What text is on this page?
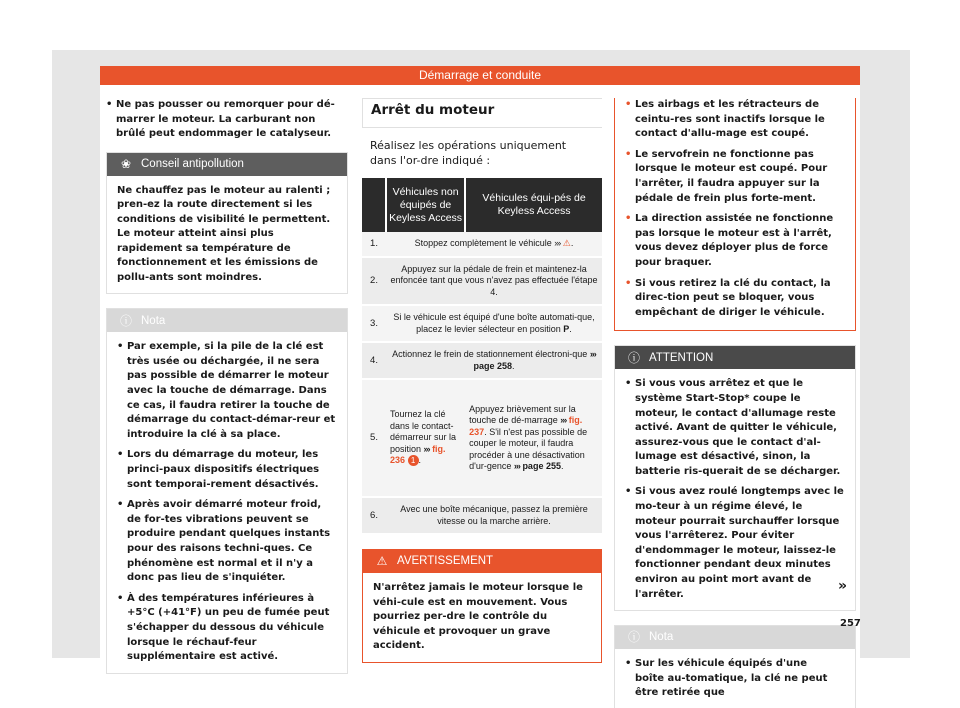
Démarrage et conduite
• Ne pas pousser ou remorquer pour dé-marrer le moteur. La carburant non brûlé peut endommager le catalyseur.
❀ Conseil antipollution
Ne chauffez pas le moteur au ralenti ; pren-ez la route directement si les conditions de visibilité le permettent. Le moteur atteint ainsi plus rapidement sa température de fonctionnement et les émissions de pollu-ants sont moindres.
ⓘ Nota
• Par exemple, si la pile de la clé est très usée ou déchargée, il ne sera pas possible de démarrer le moteur avec la touche de démarrage. Dans ce cas, il faudra retirer la touche de démarrage du contact-démar-reur et introduire la clé à sa place.
• Lors du démarrage du moteur, les princi-paux dispositifs électriques sont temporai-rement désactivés.
• Après avoir démarré moteur froid, de for-tes vibrations peuvent se produire pendant quelques instants pour des raisons techni-ques. Ce phénomène est normal et il n'y a donc pas lieu de s'inquiéter.
• À des températures inférieures à +5°C (+41°F) un peu de fumée peut s'échapper du dessous du véhicule lorsque le réchauf-feur supplémentaire est activé.
Arrêt du moteur
Réalisez les opérations uniquement dans l'or-dre indiqué :
	Véhicules non équipés de Keyless Access	Véhicules équi-pés de Keyless Access
1.	Stoppez complètement le véhicule ››› ⚠.	
2.	Appuyez sur la pédale de frein et maintenez-la enfoncée tant que vous n'avez pas effectuée l'étape 4.	
3.	Si le véhicule est équipé d'une boîte automati-que, placez le levier sélecteur en position P.	
4.	Actionnez le frein de stationnement électroni-que ››› page 258.	
5.	Tournez la clé dans le contact-démarreur sur la position ››› fig. 236 1 .	Appuyez brièvement sur la touche de dé-marrage ››› fig. 237. S'il n'est pas possible de couper le moteur, il faudra procéder à une désactivation d'ur-gence ››› page 255.
6.	Avec une boîte mécanique, passez la première vitesse ou la marche arrière.	
⚠ AVERTISSEMENT
N'arrêtez jamais le moteur lorsque le véhi-cule est en mouvement. Vous pourriez per-dre le contrôle du véhicule et provoquer un grave accident.
• Les airbags et les rétracteurs de ceintu-res sont inactifs lorsque le contact d'allu-mage est coupé.
• Le servofrein ne fonctionne pas lorsque le moteur est coupé. Pour l'arrêter, il faudra appuyer sur la pédale de frein plus forte-ment.
• La direction assistée ne fonctionne pas lorsque le moteur est à l'arrêt, vous devez déployer plus de force pour braquer.
• Si vous retirez la clé du contact, la direc-tion peut se bloquer, vous empêchant de diriger le véhicule.
ⓘ ATTENTION
• Si vous vous arrêtez et que le système Start-Stop* coupe le moteur, le contact d'allumage reste activé. Avant de quitter le véhicule, assurez-vous que le contact d'al-lumage est désactivé, sinon, la batterie ris-querait de se décharger.
• Si vous avez roulé longtemps avec le mo-teur à un régime élevé, le moteur pourrait surchauffer lorsque vous l'arrêterez. Pour éviter d'endommager le moteur, laissez-le fonctionner pendant deux minutes environ au point mort avant de l'arrêter.
ⓘ Nota
• Sur les véhicule équipés d'une boîte au-tomatique, la clé ne peut être retirée que
»
257
